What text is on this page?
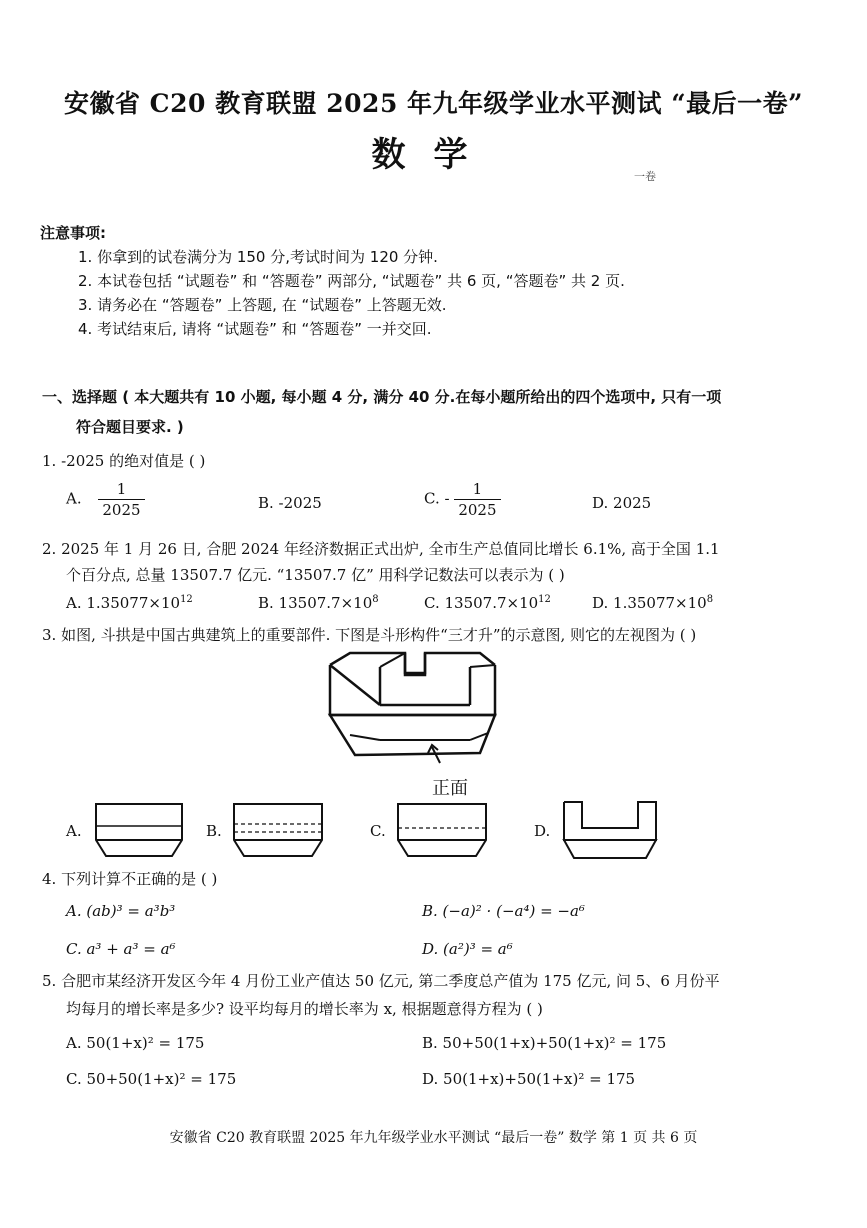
安徽省 C20 教育联盟 2025 年九年级学业水平测试 “最后一卷”
数学
一卷
注意事项:
1. 你拿到的试卷满分为 150 分,考试时间为 120 分钟.
2. 本试卷包括 “试题卷” 和 “答题卷” 两部分, “试题卷” 共 6 页, “答题卷” 共 2 页.
3. 请务必在 “答题卷” 上答题, 在 “试题卷” 上答题无效.
4. 考试结束后, 请将 “试题卷” 和 “答题卷” 一并交回.
一、选择题 ( 本大题共有 10 小题, 每小题 4 分, 满分 40 分.在每小题所给出的四个选项中, 只有一项
符合题目要求. )
1. -2025 的绝对值是 ( )
A. $\frac{1}{2025}$	B. -2025	C. - $\frac{1}{2025}$	D. 2025
2. 2025 年 1 月 26 日, 合肥 2024 年经济数据正式出炉, 全市生产总值同比增长 6.1%, 高于全国 1.1
个百分点, 总量 13507.7 亿元. “13507.7 亿” 用科学记数法可以表示为 ( )
A. $1.35077\times 10^{12}$	B. $13507.7\times 10^8$	C. $13507.7\times 10^{12}$	D. $1.35077\times 10^8$
3. 如图, 斗拱是中国古典建筑上的重要部件. 下图是斗形构件“三才升”的示意图, 则它的左视图为 ( )
正面
A.	B.	C.	D.
4. 下列计算不正确的是 ( )
A. (ab)³ = a³b³	B. (−a)² · (−a⁴) = −a⁶
C. a³ + a³ = a⁶	D. (a²)³ = a⁶
5. 合肥市某经济开发区今年 4 月份工业产值达 50 亿元, 第二季度总产值为 175 亿元, 问 5、6 月份平
均每月的增长率是多少? 设平均每月的增长率为 x, 根据题意得方程为 ( )
A. 50(1+x)² = 175	B. 50+50(1+x)+50(1+x)² = 175
C. 50+50(1+x)² = 175	D. 50(1+x)+50(1+x)² = 175
安徽省 C20 教育联盟 2025 年九年级学业水平测试 “最后一卷” 数学 第 1 页 共 6 页
